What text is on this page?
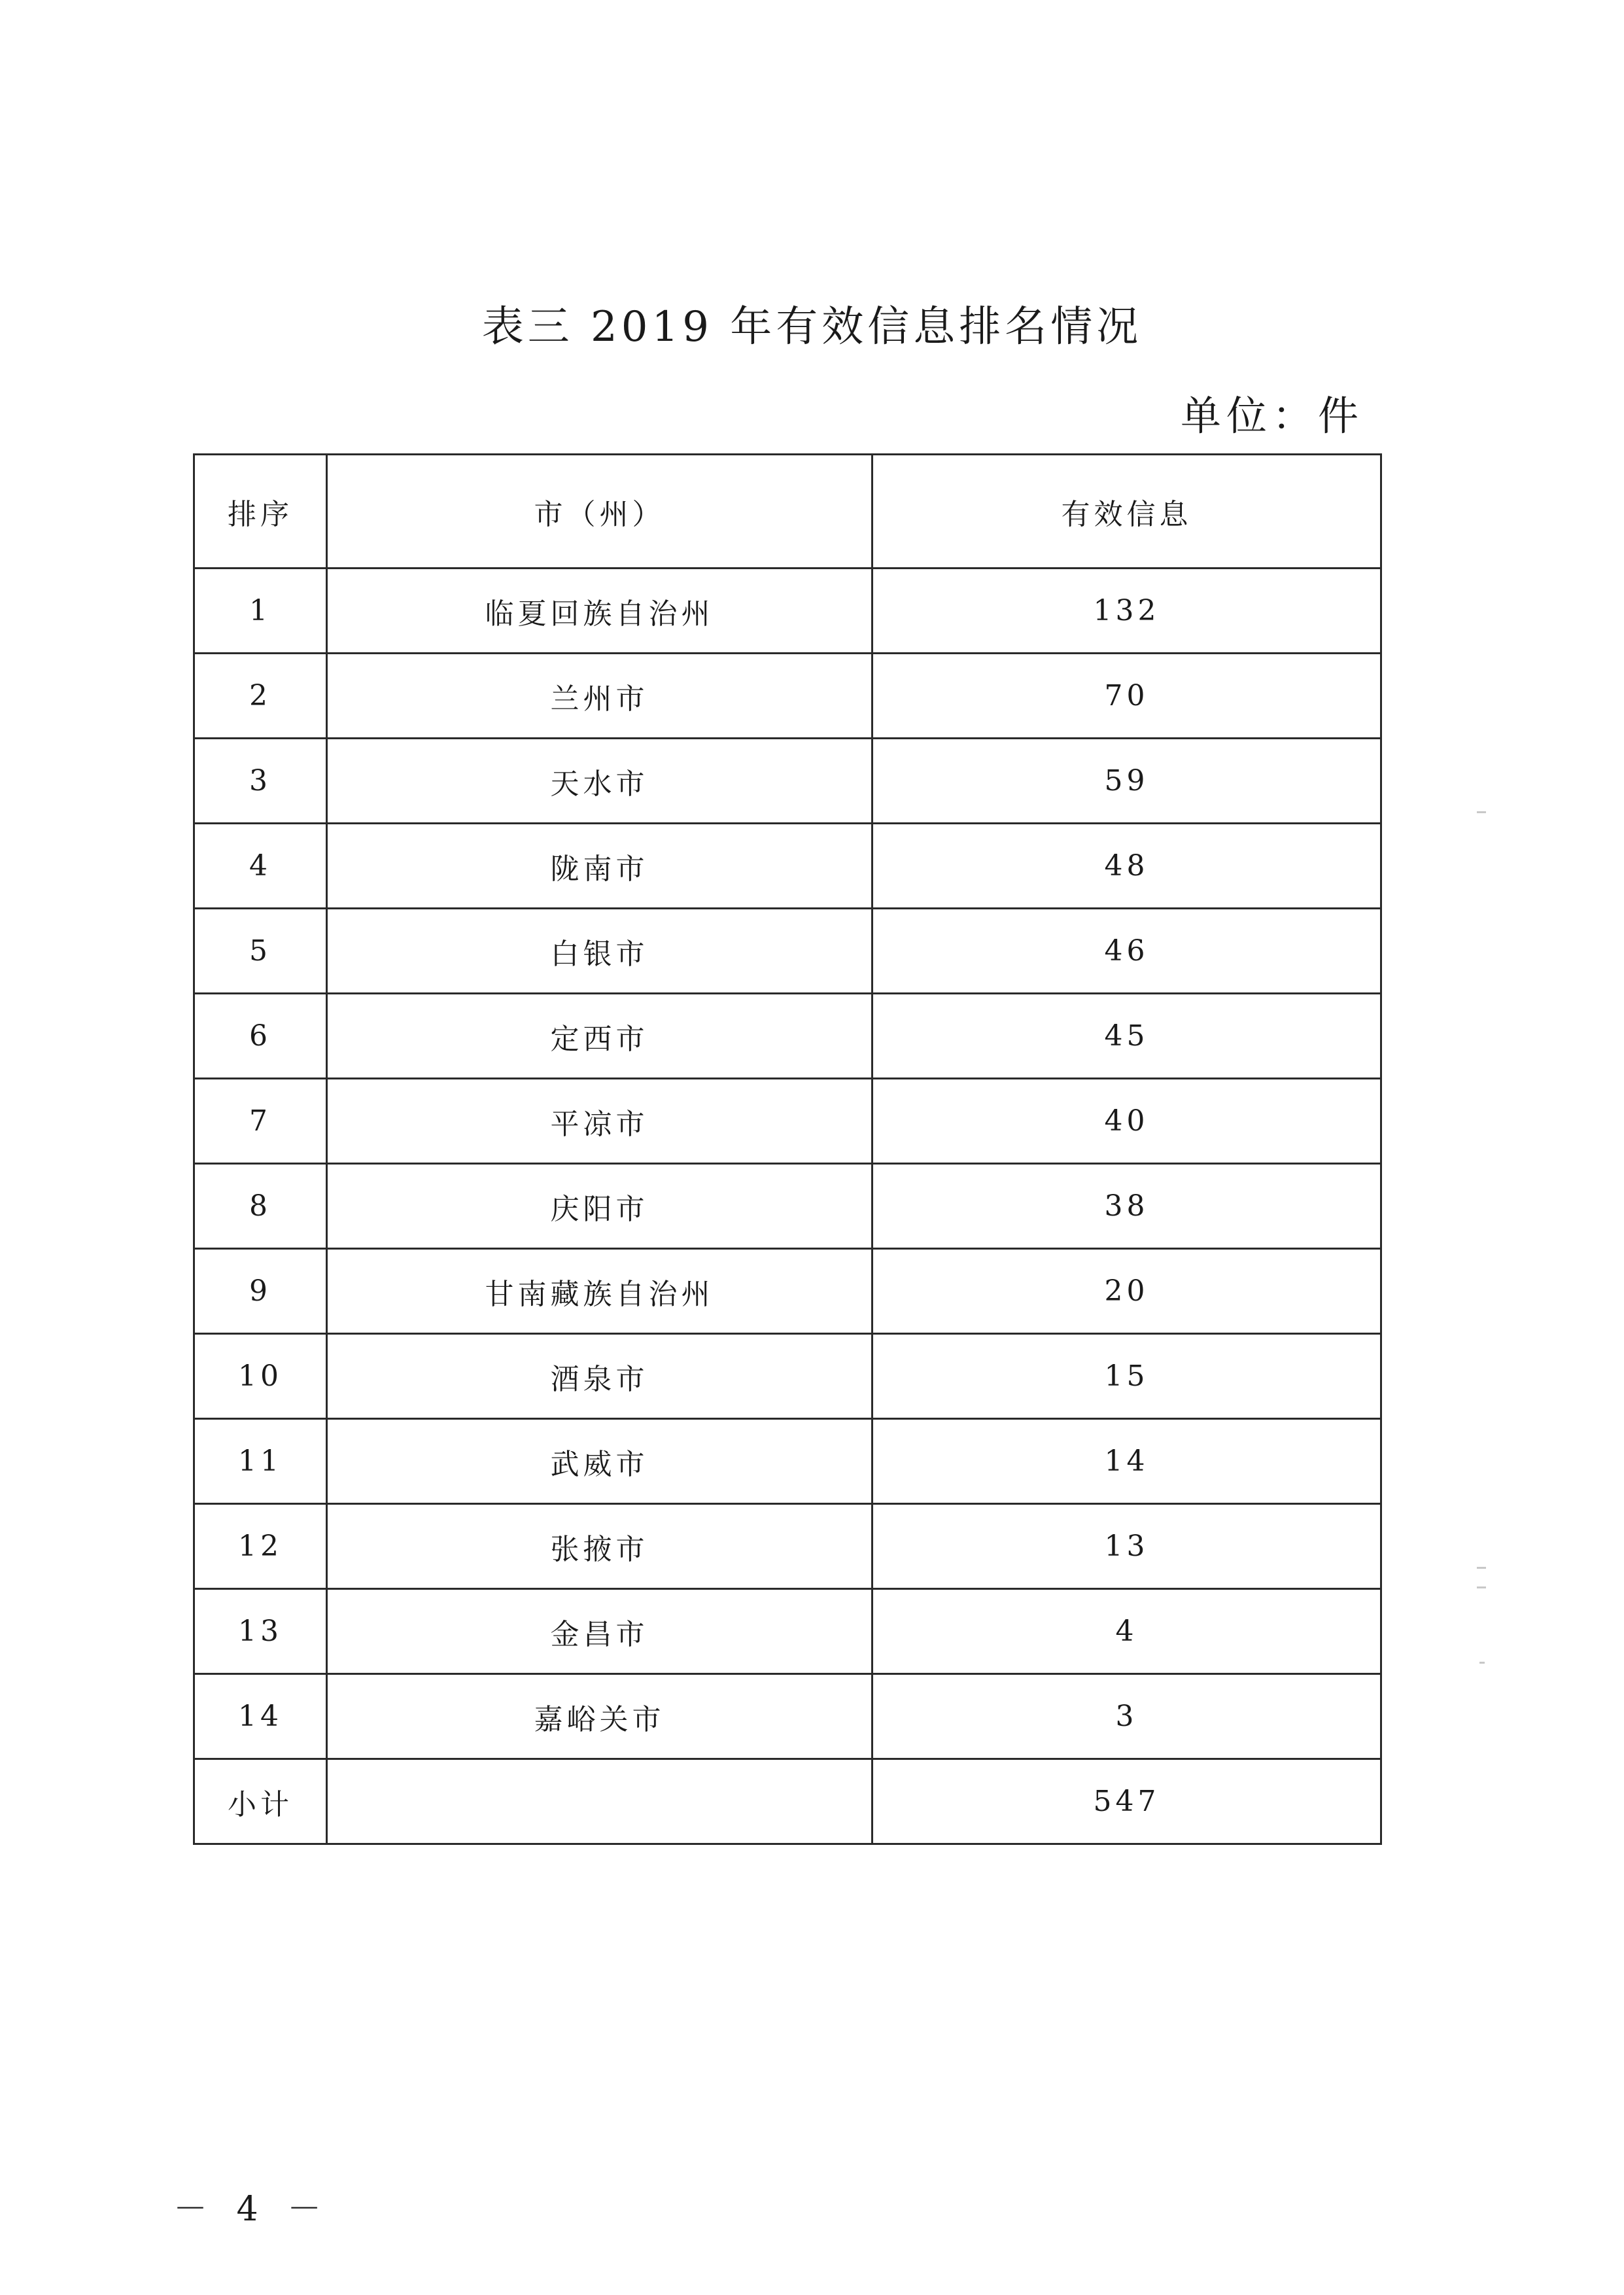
表三 2019 年有效信息排名情况
单位：件
排序	市（州）	有效信息
1	临夏回族自治州	132
2	兰州市	70
3	天水市	59
4	陇南市	48
5	白银市	46
6	定西市	45
7	平凉市	40
8	庆阳市	38
9	甘南藏族自治州	20
10	酒泉市	15
11	武威市	14
12	张掖市	13
13	金昌市	4
14	嘉峪关市	3
小计		547
－ 4 －
